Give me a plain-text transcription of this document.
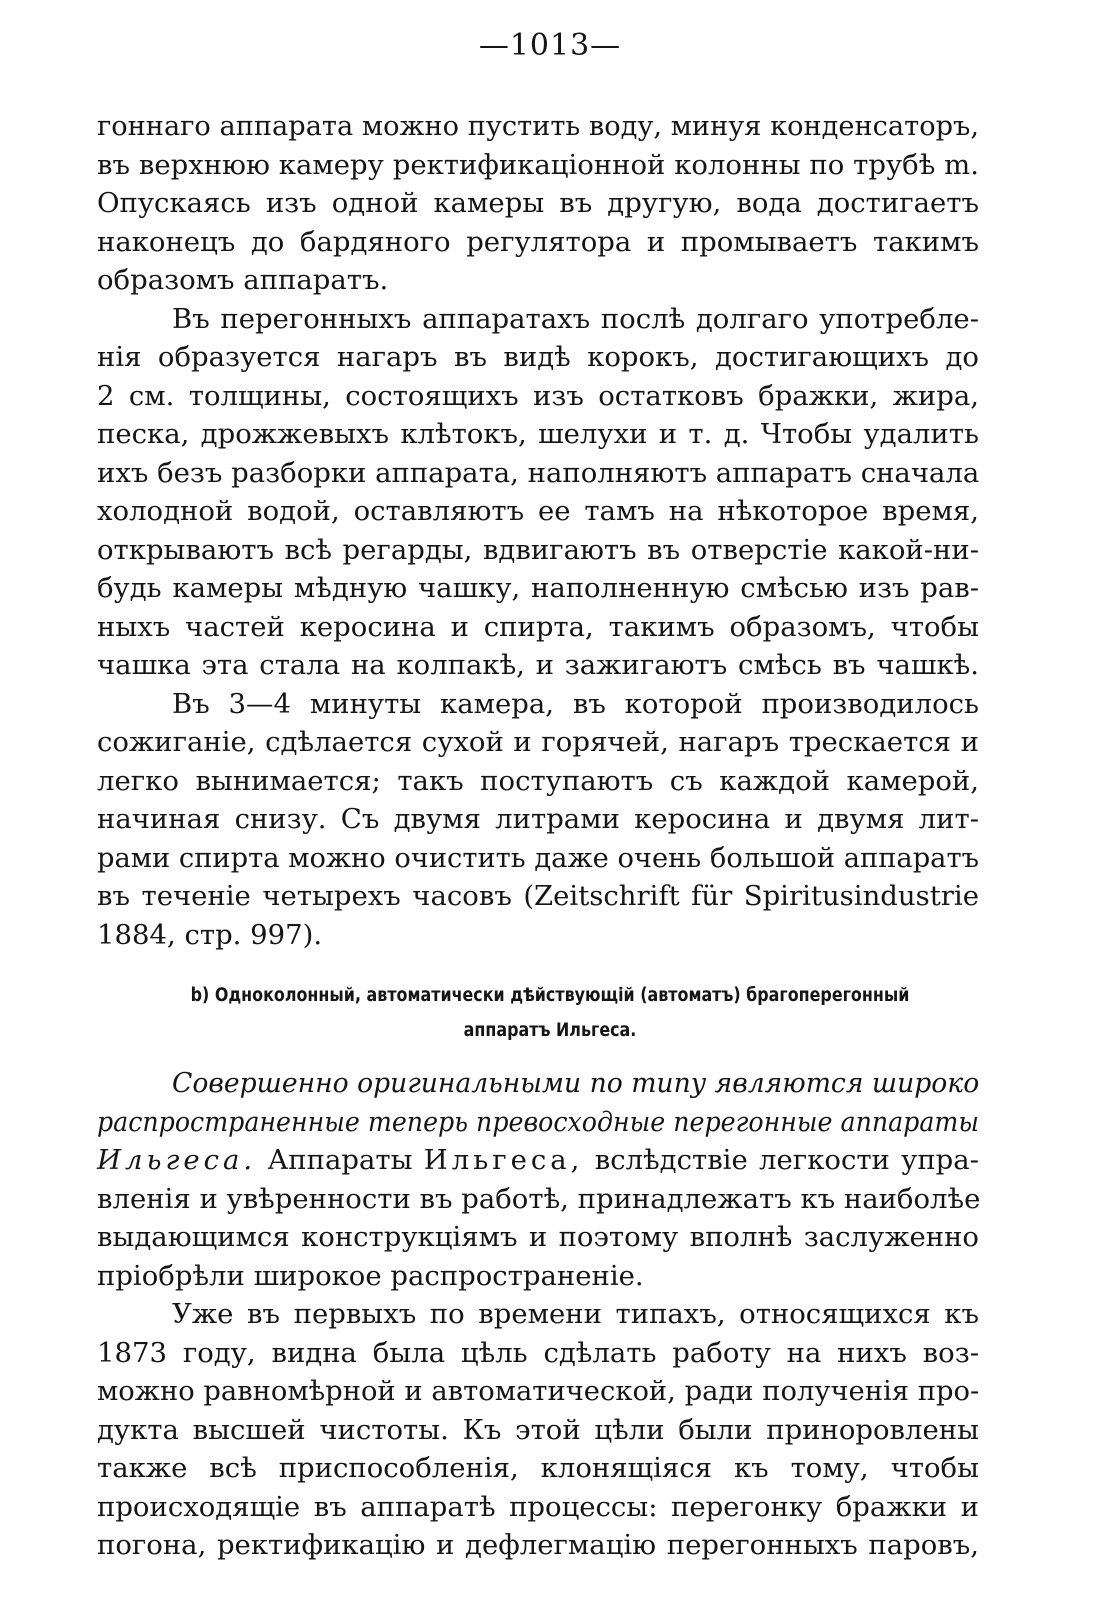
—1013—
гоннаго аппарата можно пустить воду, минуя конденсаторъ,
въ верхнюю камеру ректификаціонной колонны по трубѣ m.
Опускаясь изъ одной камеры въ другую, вода достигаетъ
наконецъ до бардяного регулятора и промываетъ такимъ
образомъ аппаратъ.
Въ перегонныхъ аппаратахъ послѣ долгаго употребле-
нія образуется нагаръ въ видѣ корокъ, достигающихъ до
2 см. толщины, состоящихъ изъ остатковъ бражки, жира,
песка, дрожжевыхъ клѣтокъ, шелухи и т. д. Чтобы удалить
ихъ безъ разборки аппарата, наполняютъ аппаратъ сначала
холодной водой, оставляютъ ее тамъ на нѣкоторое время,
открываютъ всѣ регарды, вдвигаютъ въ отверстіе какой-ни-
будь камеры мѣдную чашку, наполненную смѣсью изъ рав-
ныхъ частей керосина и спирта, такимъ образомъ, чтобы
чашка эта стала на колпакѣ, и зажигаютъ смѣсь въ чашкѣ.
Въ 3—4 минуты камера, въ которой производилось
сожиганіе, сдѣлается сухой и горячей, нагаръ трескается и
легко вынимается; такъ поступаютъ съ каждой камерой,
начиная снизу. Съ двумя литрами керосина и двумя лит-
рами спирта можно очистить даже очень большой аппаратъ
въ теченіе четырехъ часовъ (Zeitschrift für Spiritusindustrie
1884, стр. 997).
b) Одноколонный, автоматически дѣйствующій (автоматъ) брагоперегонный
аппаратъ Ильгеса.
Совершенно оригинальными по типу являются широко
распространенные теперь превосходные перегонные аппараты
Ильгеса. Аппараты Ильгеса, вслѣдствіе легкости упра-
вленія и увѣренности въ работѣ, принадлежатъ къ наиболѣе
выдающимся конструкціямъ и поэтому вполнѣ заслуженно
пріобрѣли широкое распространеніе.
Уже въ первыхъ по времени типахъ, относящихся къ
1873 году, видна была цѣль сдѣлать работу на нихъ воз-
можно равномѣрной и автоматической, ради полученія про-
дукта высшей чистоты. Къ этой цѣли были приноровлены
также всѣ приспособленія, клонящіяся къ тому, чтобы
происходящіе въ аппаратѣ процессы: перегонку бражки и
погона, ректификацію и дефлегмацію перегонныхъ паровъ,
